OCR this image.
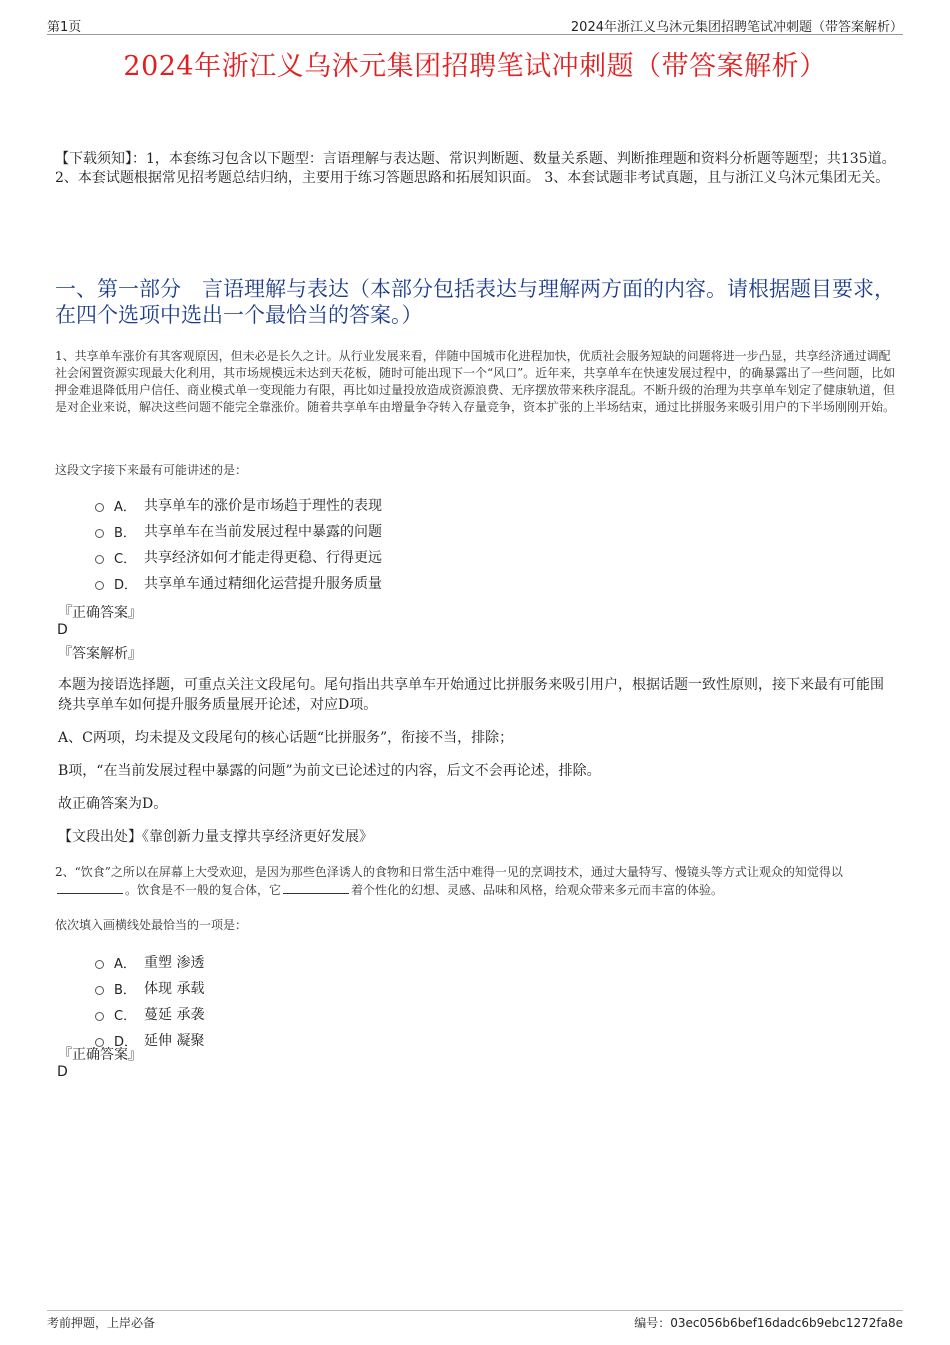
第1页	2024年浙江义乌沐元集团招聘笔试冲刺题（带答案解析）
2024年浙江义乌沐元集团招聘笔试冲刺题（带答案解析）
【下载须知】：1，本套练习包含以下题型：言语理解与表达题、常识判断题、数量关系题、判断推理题和资料分析题等题型；共135道。 2、本套试题根据常见招考题总结归纳，主要用于练习答题思路和拓展知识面。 3、本套试题非考试真题，且与浙江义乌沐元集团无关。
一、第一部分　言语理解与表达（本部分包括表达与理解两方面的内容。请根据题目要求，在四个选项中选出一个最恰当的答案。）
1、共享单车涨价有其客观原因，但未必是长久之计。从行业发展来看，伴随中国城市化进程加快，优质社会服务短缺的问题将进一步凸显，共享经济通过调配社会闲置资源实现最大化利用，其市场规模远未达到天花板，随时可能出现下一个“风口”。近年来，共享单车在快速发展过程中，的确暴露出了一些问题，比如押金难退降低用户信任、商业模式单一变现能力有限，再比如过量投放造成资源浪费、无序摆放带来秩序混乱。不断升级的治理为共享单车划定了健康轨道，但是对企业来说，解决这些问题不能完全靠涨价。随着共享单车由增量争夺转入存量竞争，资本扩张的上半场结束，通过比拼服务来吸引用户的下半场刚刚开始。
这段文字接下来最有可能讲述的是：
A． 共享单车的涨价是市场趋于理性的表现
B． 共享单车在当前发展过程中暴露的问题
C． 共享经济如何才能走得更稳、行得更远
D． 共享单车通过精细化运营提升服务质量
『正确答案』
D
『答案解析』
本题为接语选择题，可重点关注文段尾句。尾句指出共享单车开始通过比拼服务来吸引用户，根据话题一致性原则，接下来最有可能围绕共享单车如何提升服务质量展开论述，对应D项。
A、C两项，均未提及文段尾句的核心话题“比拼服务”，衔接不当，排除；
B项，“在当前发展过程中暴露的问题”为前文已论述过的内容，后文不会再论述，排除。
故正确答案为D。
【文段出处】《靠创新力量支撑共享经济更好发展》
2、“饮食”之所以在屏幕上大受欢迎，是因为那些色泽诱人的食物和日常生活中难得一见的烹调技术，通过大量特写、慢镜头等方式让观众的知觉得以。饮食是不一般的复合体，它	着个性化的幻想、灵感、品味和风格，给观众带来多元而丰富的体验。
依次填入画横线处最恰当的一项是：
A． 重塑 渗透
B． 体现 承载
C． 蔓延 承袭
D． 延伸 凝聚
『正确答案』
D
考前押题，上岸必备	编号：03ec056b6bef16dadc6b9ebc1272fa8e
